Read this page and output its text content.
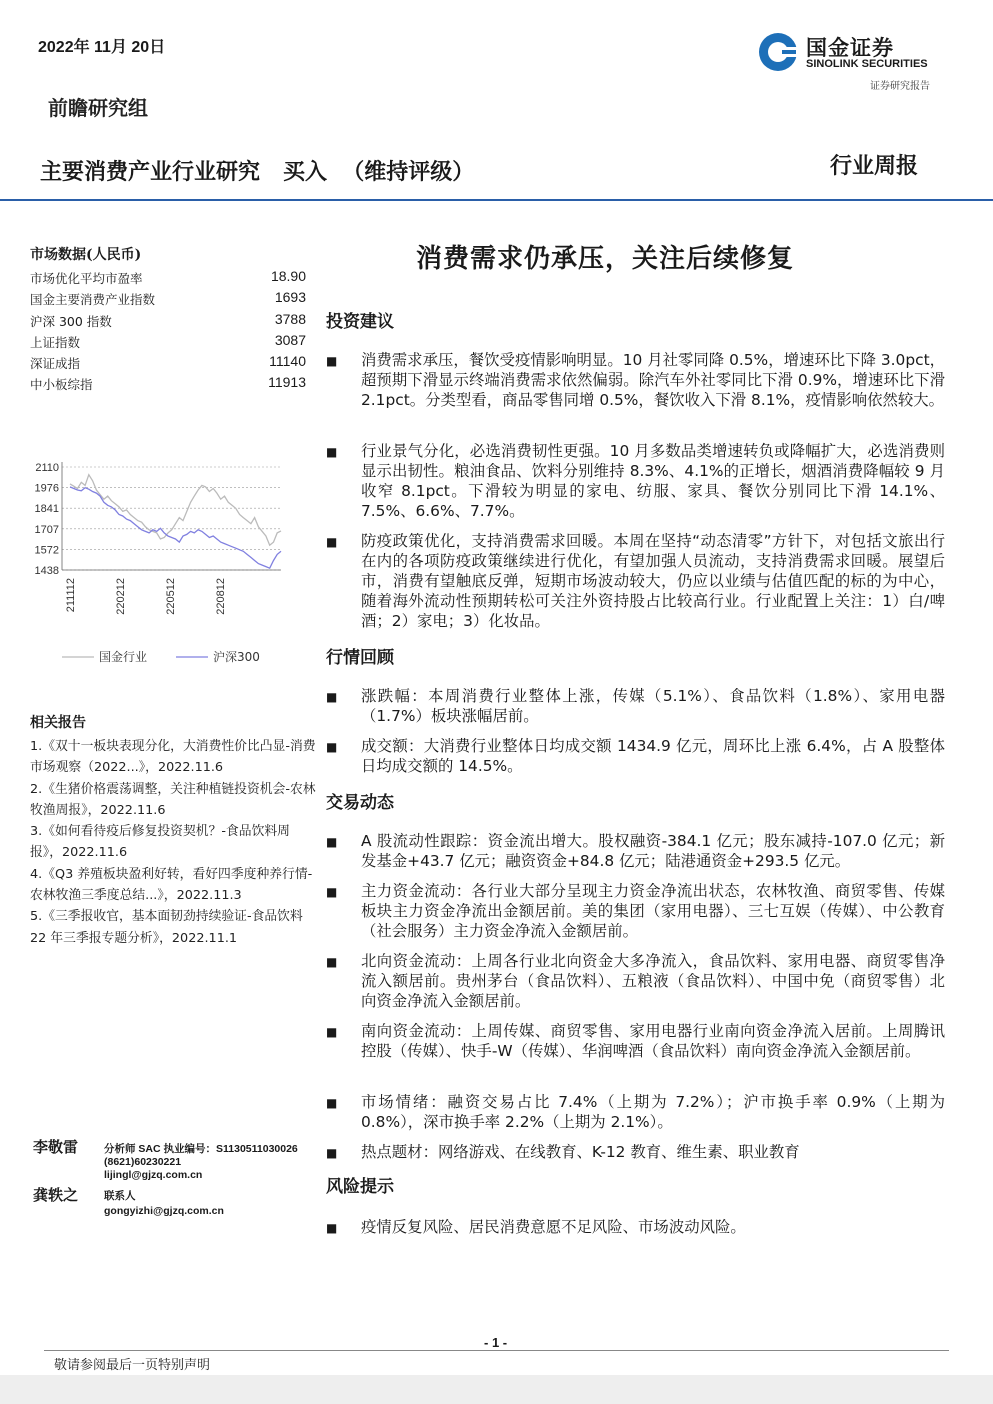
2022年 11月 20日	国金证券
SINOLINK SECURITIES
证券研究报告
前瞻研究组
主要消费产业行业研究   买入  （维持评级）	行业周报
市场数据(人民币)
市场优化平均市盈率	18.90
国金主要消费产业指数	1693
沪深 300 指数	3788
上证指数	3087
深证成指	11140
中小板综指	11913
2110
1976
1841
1707
1572
1438
211112	220212	220512	220812
国金行业	沪深300
相关报告
1.《双十一板块表现分化，大消费性价比凸显-消费市场观察（2022...》，2022.11.6
2.《生猪价格震荡调整，关注种植链投资机会-农林牧渔周报》，2022.11.6
3.《如何看待疫后修复投资契机？-食品饮料周报》，2022.11.6
4.《Q3 养殖板块盈利好转，看好四季度种养行情-农林牧渔三季度总结...》，2022.11.3
5.《三季报收官，基本面韧劲持续验证-食品饮料 22 年三季报专题分析》，2022.11.1
李敬雷 分析师 SAC 执业编号：S1130511030026
(8621)60230221
lijingl@gjzq.com.cn
龚轶之 联系人
gongyizhi@gjzq.com.cn
消费需求仍承压，关注后续修复
投资建议
■ 消费需求承压，餐饮受疫情影响明显。10 月社零同降 0.5%，增速环比下降 3.0pct，超预期下滑显示终端消费需求依然偏弱。除汽车外社零同比下滑 0.9%，增速环比下滑 2.1pct。分类型看，商品零售同增 0.5%，餐饮收入下滑 8.1%，疫情影响依然较大。
■ 行业景气分化，必选消费韧性更强。10 月多数品类增速转负或降幅扩大，必选消费则显示出韧性。粮油食品、饮料分别维持 8.3%、4.1%的正增长，烟酒消费降幅较 9 月收窄 8.1pct。下滑较为明显的家电、纺服、家具、餐饮分别同比下滑 14.1%、7.5%、6.6%、7.7%。
■ 防疫政策优化，支持消费需求回暖。本周在坚持“动态清零”方针下，对包括文旅出行在内的各项防疫政策继续进行优化，有望加强人员流动，支持消费需求回暖。展望后市，消费有望触底反弹，短期市场波动较大，仍应以业绩与估值匹配的标的为中心，随着海外流动性预期转松可关注外资持股占比较高行业。行业配置上关注：1）白/啤酒；2）家电；3）化妆品。
行情回顾
■ 涨跌幅：本周消费行业整体上涨，传媒（5.1%）、食品饮料（1.8%）、家用电器（1.7%）板块涨幅居前。
■ 成交额：大消费行业整体日均成交额 1434.9 亿元，周环比上涨 6.4%，占 A 股整体日均成交额的 14.5%。
交易动态
■ A 股流动性跟踪：资金流出增大。股权融资-384.1 亿元；股东减持-107.0 亿元；新发基金+43.7 亿元；融资资金+84.8 亿元；陆港通资金+293.5 亿元。
■ 主力资金流动：各行业大部分呈现主力资金净流出状态，农林牧渔、商贸零售、传媒板块主力资金净流出金额居前。美的集团（家用电器）、三七互娱（传媒）、中公教育（社会服务）主力资金净流入金额居前。
■ 北向资金流动：上周各行业北向资金大多净流入，食品饮料、家用电器、商贸零售净流入额居前。贵州茅台（食品饮料）、五粮液（食品饮料）、中国中免（商贸零售）北向资金净流入金额居前。
■ 南向资金流动：上周传媒、商贸零售、家用电器行业南向资金净流入居前。上周腾讯控股（传媒）、快手-W（传媒）、华润啤酒（食品饮料）南向资金净流入金额居前。
■ 市场情绪：融资交易占比 7.4%（上期为 7.2%）；沪市换手率 0.9%（上期为 0.8%），深市换手率 2.2%（上期为 2.1%）。
■ 热点题材：网络游戏、在线教育、K-12 教育、维生素、职业教育
风险提示
■ 疫情反复风险、居民消费意愿不足风险、市场波动风险。
- 1 -
敬请参阅最后一页特别声明
